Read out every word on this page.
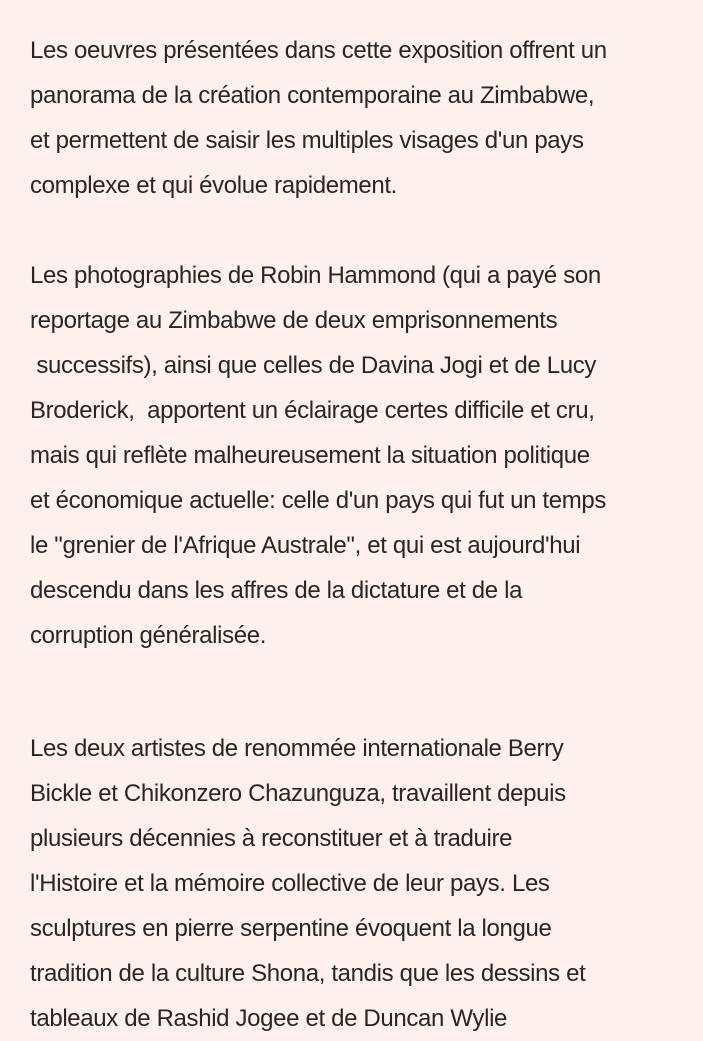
Les oeuvres présentées dans cette exposition offrent un
panorama de la création contemporaine au Zimbabwe,
et permettent de saisir les multiples visages d'un pays
complexe et qui évolue rapidement.
Les photographies de Robin Hammond (qui a payé son
reportage au Zimbabwe de deux emprisonnements
successifs), ainsi que celles de Davina Jogi et de Lucy
Broderick,  apportent un éclairage certes difficile et cru,
mais qui reflète malheureusement la situation politique
et économique actuelle: celle d'un pays qui fut un temps
le "grenier de l'Afrique Australe", et qui est aujourd'hui
descendu dans les affres de la dictature et de la
corruption généralisée.
Les deux artistes de renommée internationale Berry
Bickle et Chikonzero Chazunguza, travaillent depuis
plusieurs décennies à reconstituer et à traduire
l'Histoire et la mémoire collective de leur pays. Les
sculptures en pierre serpentine évoquent la longue
tradition de la culture Shona, tandis que les dessins et
tableaux de Rashid Jogee et de Duncan Wylie
